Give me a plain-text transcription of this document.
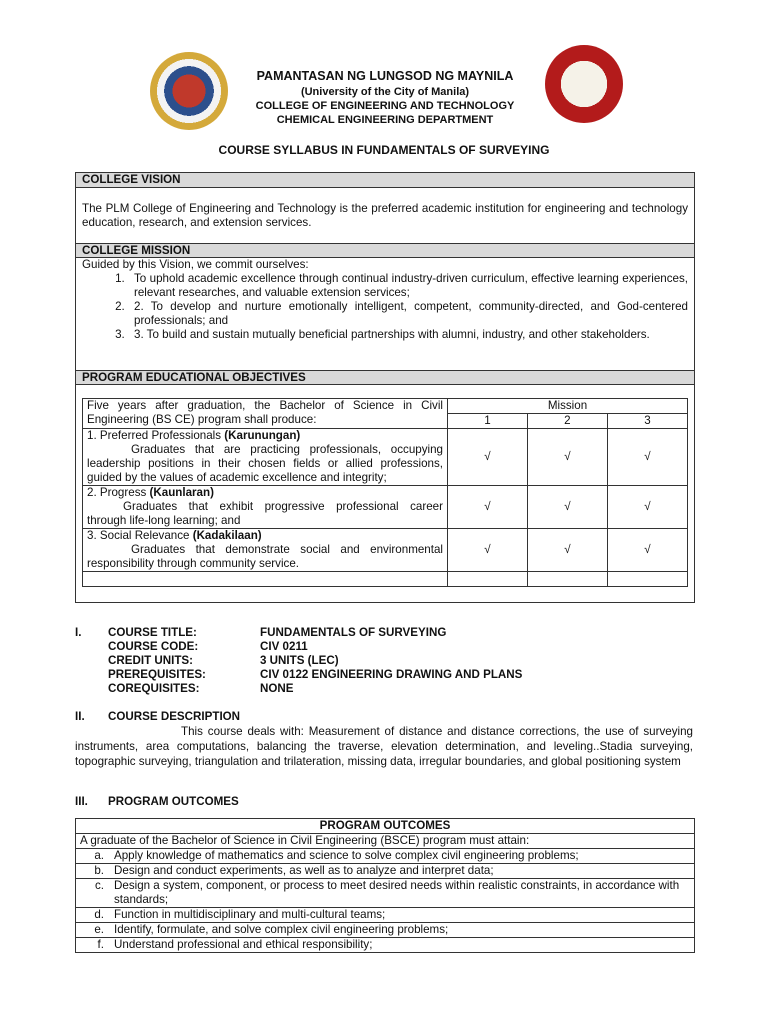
PAMANTASAN NG LUNGSOD NG MAYNILA
(University of the City of Manila)
COLLEGE OF ENGINEERING AND TECHNOLOGY
CHEMICAL ENGINEERING DEPARTMENT
COURSE SYLLABUS IN FUNDAMENTALS OF SURVEYING
COLLEGE VISION
The PLM College of Engineering and Technology is the preferred academic institution for engineering and technology education, research, and extension services.
COLLEGE MISSION
Guided by this Vision, we commit ourselves:
1. To uphold academic excellence through continual industry-driven curriculum, effective learning experiences, relevant researches, and valuable extension services;
2. 2. To develop and nurture emotionally intelligent, competent, community-directed, and God-centered professionals; and
3. 3. To build and sustain mutually beneficial partnerships with alumni, industry, and other stakeholders.
PROGRAM EDUCATIONAL OBJECTIVES
Five years after graduation, the Bachelor of Science in Civil Engineering (BS CE) program shall produce:	Mission		
	1	2	3
1. Preferred Professionals (Karunungan)
Graduates that are practicing professionals, occupying leadership positions in their chosen fields or allied professions, guided by the values of academic excellence and integrity;	√	√	√
2. Progress (Kaunlaran)
Graduates that exhibit progressive professional career through life-long learning; and	√	√	√
3. Social Relevance (Kadakilaan)
Graduates that demonstrate social and environmental responsibility through community service.	√	√	√

I. COURSE TITLE:	FUNDAMENTALS OF SURVEYING
COURSE CODE:	CIV 0211
CREDIT UNITS:	3 UNITS (LEC)
PREREQUISITES:	CIV 0122 ENGINEERING DRAWING AND PLANS
COREQUISITES:	NONE
II. COURSE DESCRIPTION
This course deals with: Measurement of distance and distance corrections, the use of surveying instruments, area computations, balancing the traverse, elevation determination, and leveling..Stadia surveying, topographic surveying, triangulation and trilateration, missing data, irregular boundaries, and global positioning system
III. PROGRAM OUTCOMES
PROGRAM OUTCOMES
A graduate of the Bachelor of Science in Civil Engineering (BSCE) program must attain:

a. Apply knowledge of mathematics and science to solve complex civil engineering problems;

b. Design and conduct experiments, as well as to analyze and interpret data;

c. Design a system, component, or process to meet desired needs within realistic constraints, in accordance with standards;

d. Function in multidisciplinary and multi-cultural teams;

e. Identify, formulate, and solve complex civil engineering problems;

f. Understand professional and ethical responsibility;
